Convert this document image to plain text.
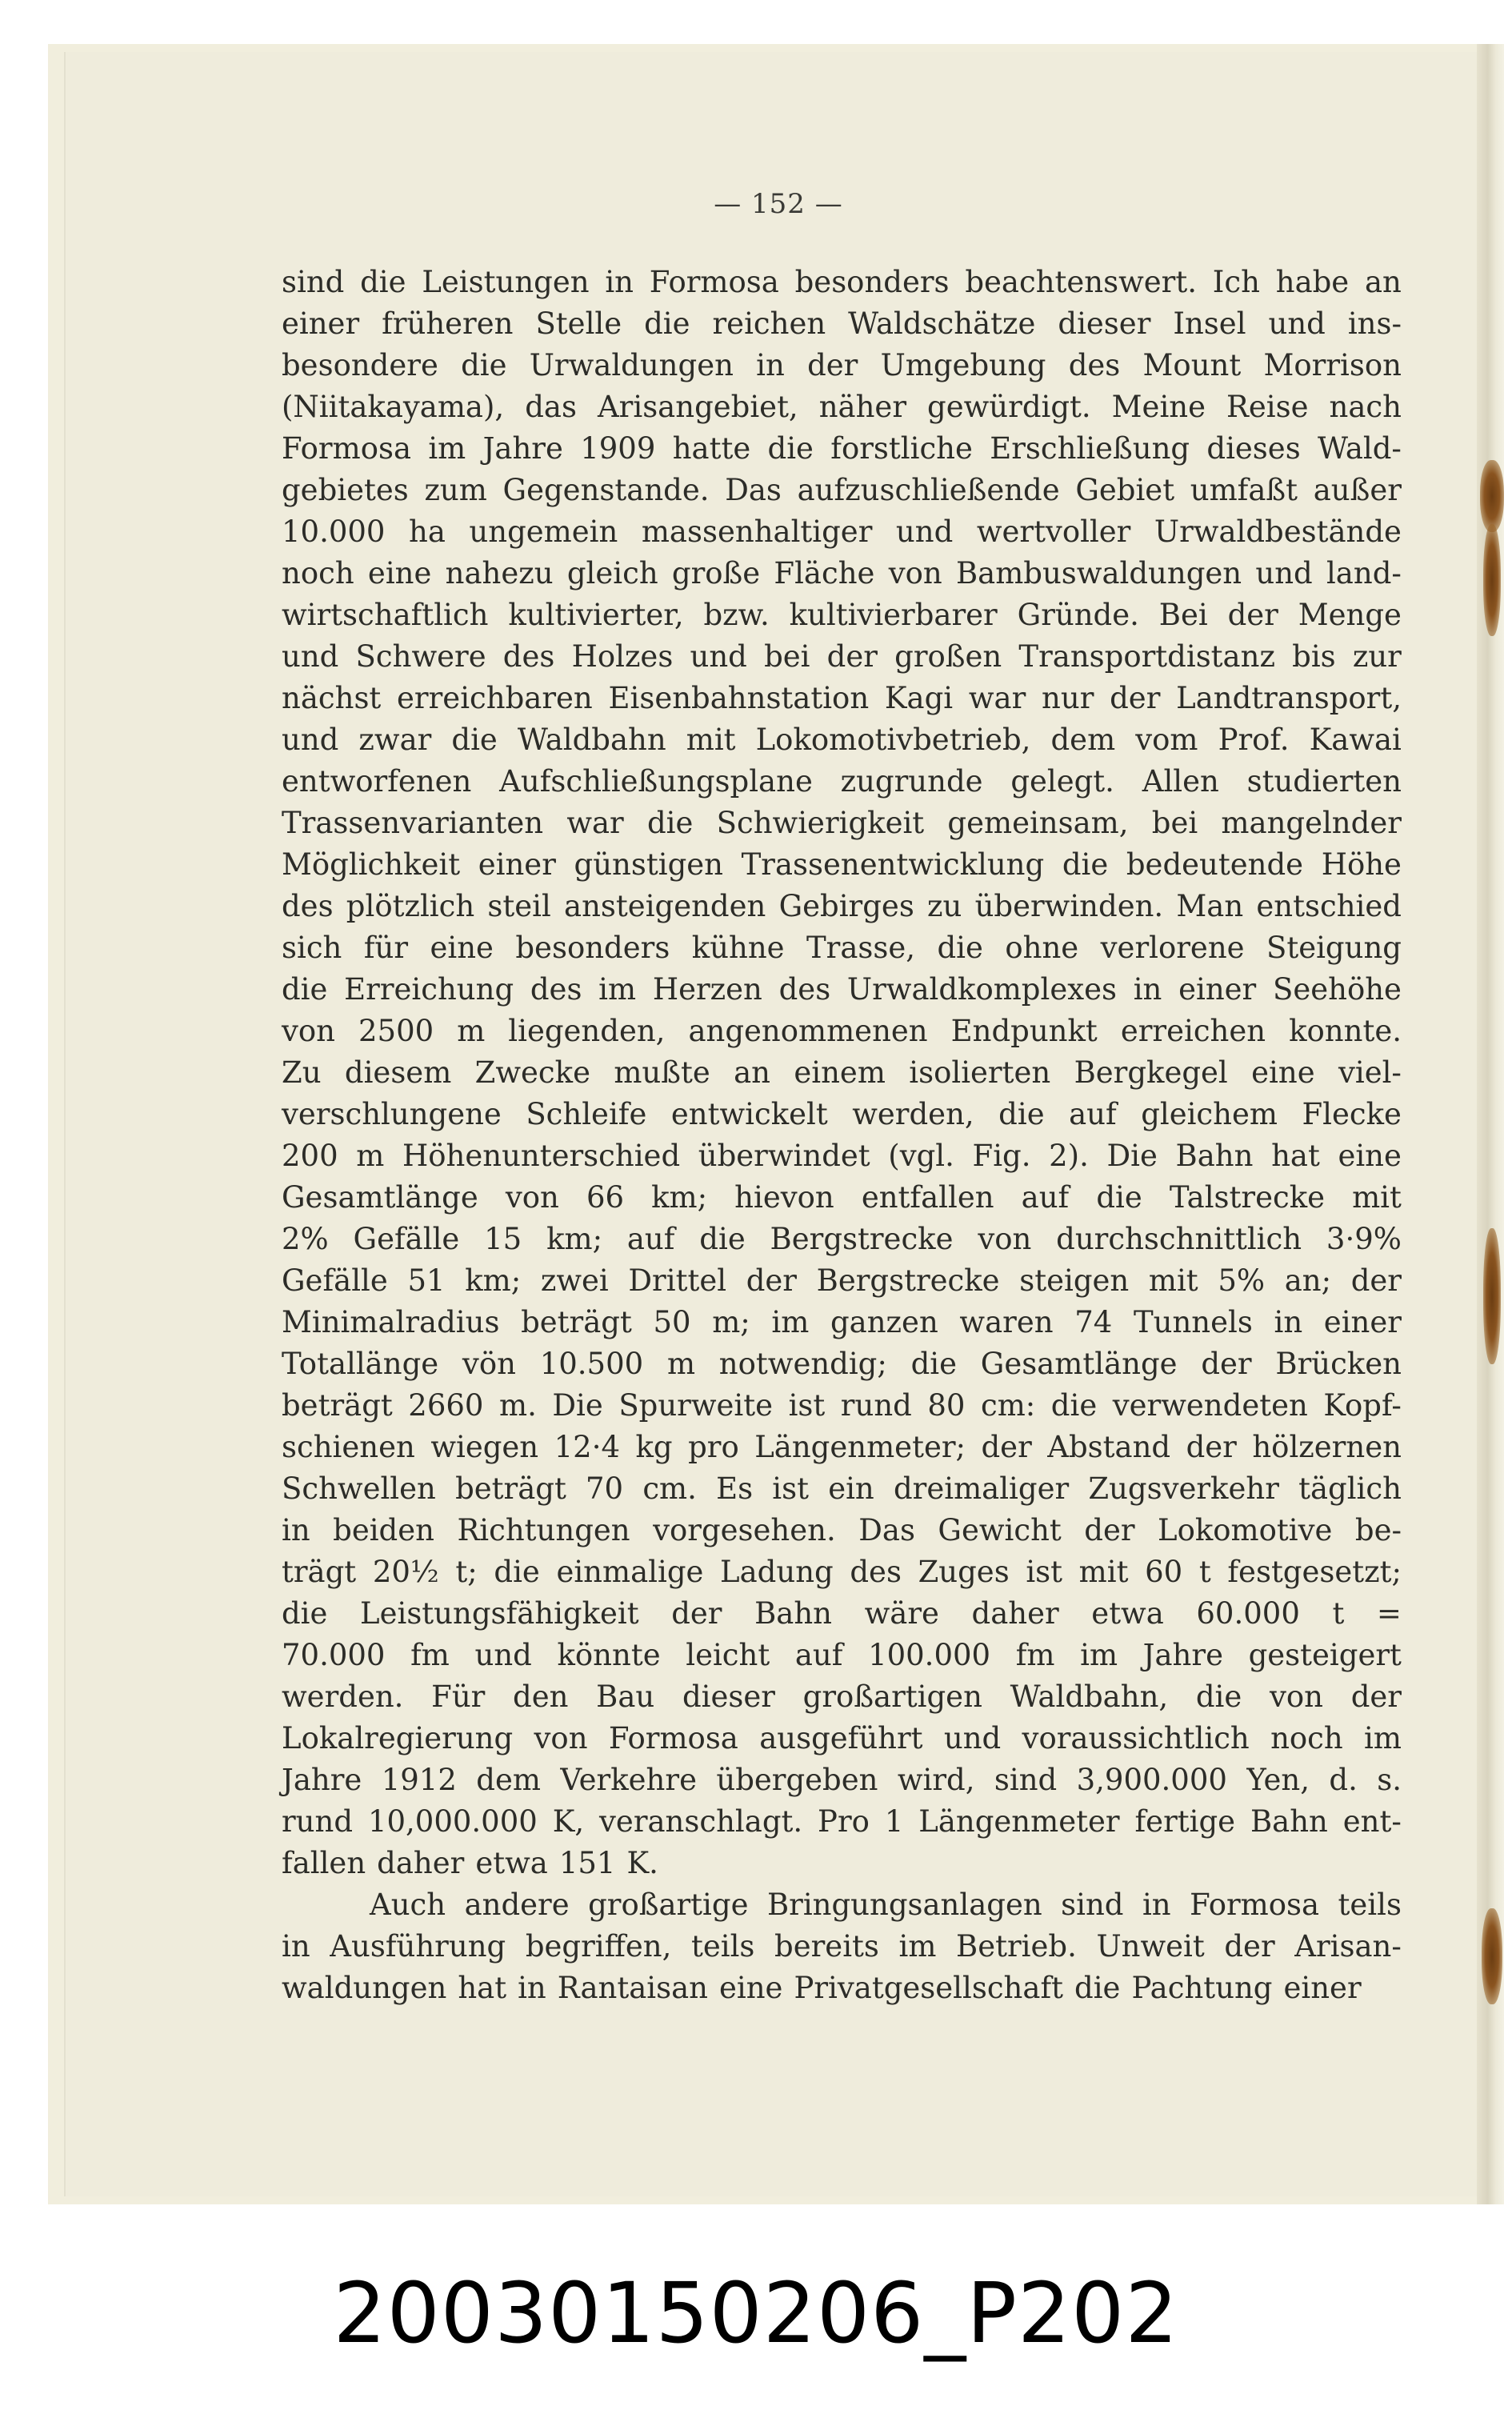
— 152 —
sind die Leistungen in Formosa besonders beachtenswert. Ich habe an
einer früheren Stelle die reichen Waldschätze dieser Insel und ins-
besondere die Urwaldungen in der Umgebung des Mount Morrison
(Niitakayama), das Arisangebiet, näher gewürdigt. Meine Reise nach
Formosa im Jahre 1909 hatte die forstliche Erschließung dieses Wald-
gebietes zum Gegenstande. Das aufzuschließende Gebiet umfaßt außer
10.000 ha ungemein massenhaltiger und wertvoller Urwaldbestände
noch eine nahezu gleich große Fläche von Bambuswaldungen und land-
wirtschaftlich kultivierter, bzw. kultivierbarer Gründe. Bei der Menge
und Schwere des Holzes und bei der großen Transportdistanz bis zur
nächst erreichbaren Eisenbahnstation Kagi war nur der Landtransport,
und zwar die Waldbahn mit Lokomotivbetrieb, dem vom Prof. Kawai
entworfenen Aufschließungsplane zugrunde gelegt. Allen studierten
Trassenvarianten war die Schwierigkeit gemeinsam, bei mangelnder
Möglichkeit einer günstigen Trassenentwicklung die bedeutende Höhe
des plötzlich steil ansteigenden Gebirges zu überwinden. Man entschied
sich für eine besonders kühne Trasse, die ohne verlorene Steigung
die Erreichung des im Herzen des Urwaldkomplexes in einer Seehöhe
von 2500 m liegenden, angenommenen Endpunkt erreichen konnte.
Zu diesem Zwecke mußte an einem isolierten Bergkegel eine viel-
verschlungene Schleife entwickelt werden, die auf gleichem Flecke
200 m Höhenunterschied überwindet (vgl. Fig. 2). Die Bahn hat eine
Gesamtlänge von 66 km; hievon entfallen auf die Talstrecke mit
2% Gefälle 15 km; auf die Bergstrecke von durchschnittlich 3·9%
Gefälle 51 km; zwei Drittel der Bergstrecke steigen mit 5% an; der
Minimalradius beträgt 50 m; im ganzen waren 74 Tunnels in einer
Totallänge vön 10.500 m notwendig; die Gesamtlänge der Brücken
beträgt 2660 m. Die Spurweite ist rund 80 cm: die verwendeten Kopf-
schienen wiegen 12·4 kg pro Längenmeter; der Abstand der hölzernen
Schwellen beträgt 70 cm. Es ist ein dreimaliger Zugsverkehr täglich
in beiden Richtungen vorgesehen. Das Gewicht der Lokomotive be-
trägt 20½ t; die einmalige Ladung des Zuges ist mit 60 t festgesetzt;
die Leistungsfähigkeit der Bahn wäre daher etwa 60.000 t =
70.000 fm und könnte leicht auf 100.000 fm im Jahre gesteigert
werden. Für den Bau dieser großartigen Waldbahn, die von der
Lokalregierung von Formosa ausgeführt und voraussichtlich noch im
Jahre 1912 dem Verkehre übergeben wird, sind 3,900.000 Yen, d. s.
rund 10,000.000 K, veranschlagt. Pro 1 Längenmeter fertige Bahn ent-
fallen daher etwa 151 K.
Auch andere großartige Bringungsanlagen sind in Formosa teils
in Ausführung begriffen, teils bereits im Betrieb. Unweit der Arisan-
waldungen hat in Rantaisan eine Privatgesellschaft die Pachtung einer
20030150206_P202
